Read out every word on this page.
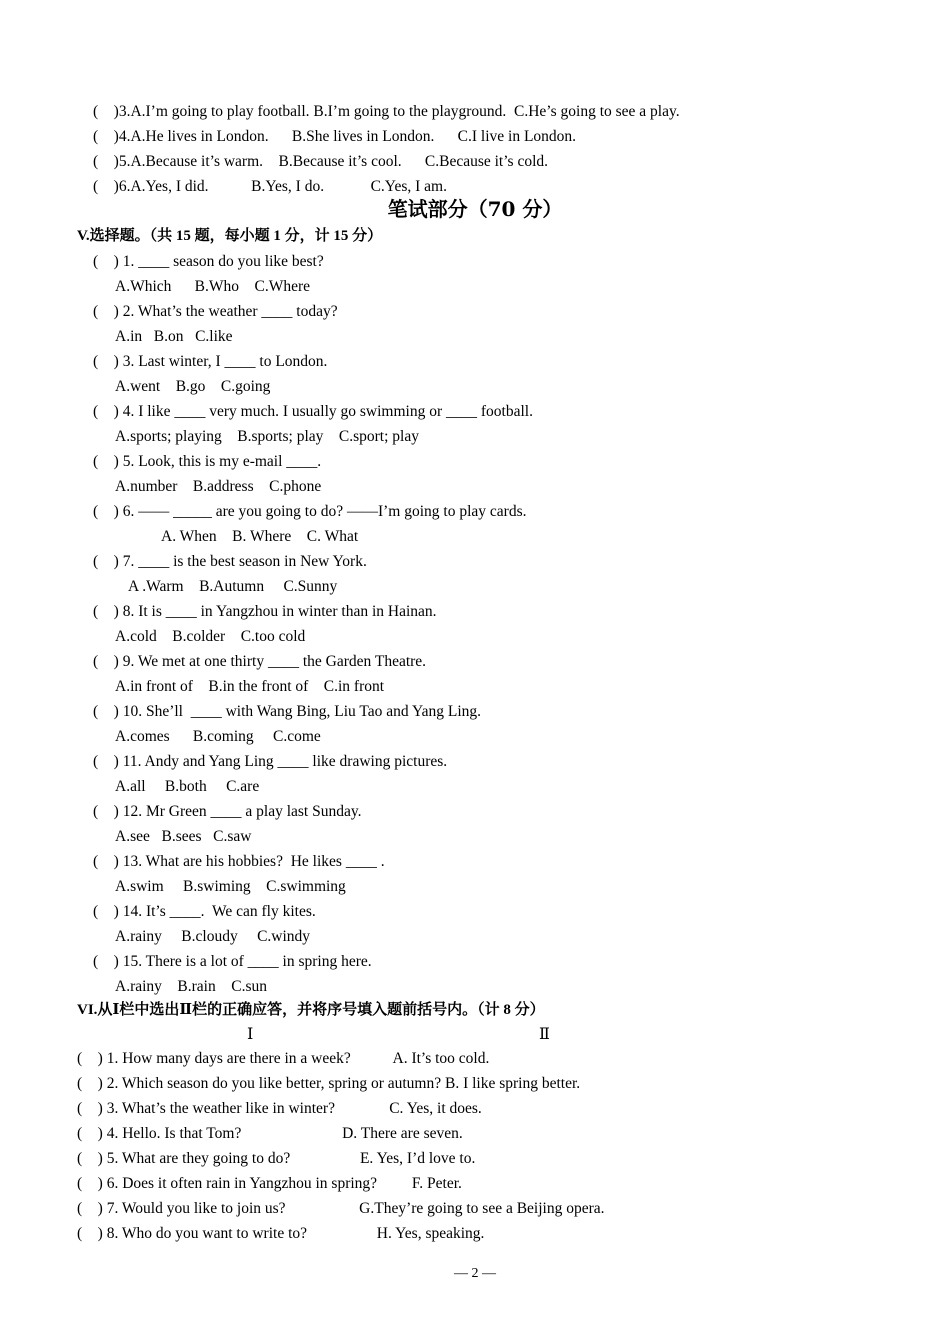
(    )3.A.I’m going to play football. B.I’m going to the playground.  C.He’s going to see a play.
(    )4.A.He lives in London.      B.She lives in London.      C.I live in London.
(    )5.A.Because it’s warm.    B.Because it’s cool.      C.Because it’s cold.
(    )6.A.Yes, I did.           B.Yes, I do.            C.Yes, I am.
笔试部分（70 分）
V.选择题。（共 15 题，每小题 1 分，计 15 分）
(    ) 1. ____ season do you like best?
A.Which      B.Who    C.Where
(    ) 2. What’s the weather ____ today?
A.in   B.on   C.like
(    ) 3. Last winter, I ____ to London.
A.went    B.go    C.going
(    ) 4. I like ____ very much. I usually go swimming or ____ football.
A.sports; playing    B.sports; play    C.sport; play
(    ) 5. Look, this is my e-mail ____.
A.number    B.address    C.phone
(    ) 6. —— _____ are you going to do? ——I’m going to play cards.
A. When    B. Where    C. What
(    ) 7. ____ is the best season in New York.
A .Warm    B.Autumn     C.Sunny
(    ) 8. It is ____ in Yangzhou in winter than in Hainan.
A.cold    B.colder    C.too cold
(    ) 9. We met at one thirty ____ the Garden Theatre.
A.in front of    B.in the front of    C.in front
(    ) 10. She’ll  ____ with Wang Bing, Liu Tao and Yang Ling.
A.comes      B.coming     C.come
(    ) 11. Andy and Yang Ling ____ like drawing pictures.
A.all     B.both     C.are
(    ) 12. Mr Green ____ a play last Sunday.
A.see   B.sees   C.saw
(    ) 13. What are his hobbies?  He likes ____ .
A.swim     B.swiming    C.swimming
(    ) 14. It’s ____.  We can fly kites.
A.rainy     B.cloudy     C.windy
(    ) 15. There is a lot of ____ in spring here.
A.rainy    B.rain    C.sun
VI.从Ⅰ栏中选出Ⅱ栏的正确应答，并将序号填入题前括号内。（计 8 分）
Ⅰ	Ⅱ
(    ) 1. How many days are there in a week?           A. It’s too cold.
(    ) 2. Which season do you like better, spring or autumn? B. I like spring better.
(    ) 3. What’s the weather like in winter?              C. Yes, it does.
(    ) 4. Hello. Is that Tom?                          D. There are seven.
(    ) 5. What are they going to do?                  E. Yes, I’d love to.
(    ) 6. Does it often rain in Yangzhou in spring?         F. Peter.
(    ) 7. Would you like to join us?                   G.They’re going to see a Beijing opera.
(    ) 8. Who do you want to write to?                  H. Yes, speaking.
— 2 —
